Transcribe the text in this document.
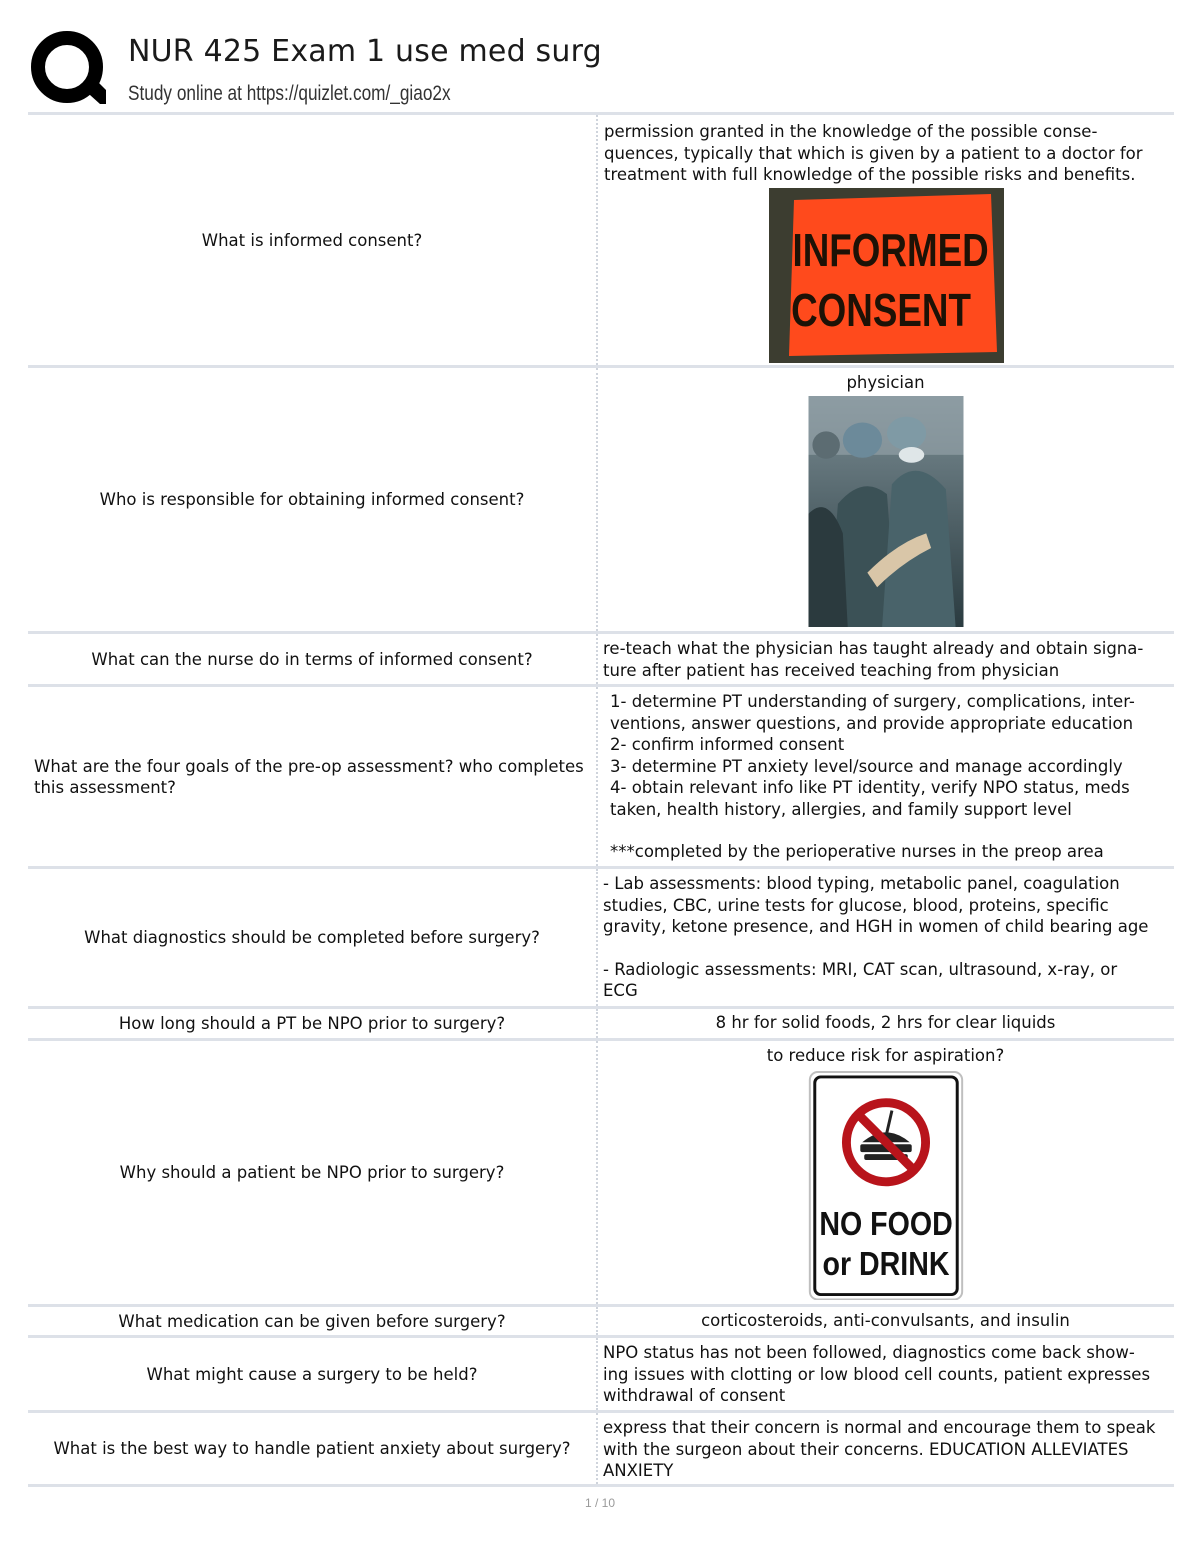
NUR 425 Exam 1 use med surg
Study online at https://quizlet.com/_giao2x
What is informed consent?
permission granted in the knowledge of the possible conse-
quences, typically that which is given by a patient to a doctor for
treatment with full knowledge of the possible risks and benefits.
INFORMED
CONSENT
Who is responsible for obtaining informed consent?
physician
What can the nurse do in terms of informed consent?
re-teach what the physician has taught already and obtain signa-
ture after patient has received teaching from physician
What are the four goals of the pre-op assessment? who completes
this assessment?
1- determine PT understanding of surgery, complications, inter-
ventions, answer questions, and provide appropriate education
2- confirm informed consent
3- determine PT anxiety level/source and manage accordingly
4- obtain relevant info like PT identity, verify NPO status, meds
taken, health history, allergies, and family support level
***completed by the perioperative nurses in the preop area
What diagnostics should be completed before surgery?
- Lab assessments: blood typing, metabolic panel, coagulation
studies, CBC, urine tests for glucose, blood, proteins, specific
gravity, ketone presence, and HGH in women of child bearing age
- Radiologic assessments: MRI, CAT scan, ultrasound, x-ray, or
ECG
How long should a PT be NPO prior to surgery?	8 hr for solid foods, 2 hrs for clear liquids
Why should a patient be NPO prior to surgery?
to reduce risk for aspiration?
NO FOOD
or DRINK
What medication can be given before surgery?	corticosteroids, anti-convulsants, and insulin
What might cause a surgery to be held?
NPO status has not been followed, diagnostics come back show-
ing issues with clotting or low blood cell counts, patient expresses
withdrawal of consent
What is the best way to handle patient anxiety about surgery?
express that their concern is normal and encourage them to speak
with the surgeon about their concerns. EDUCATION ALLEVIATES
ANXIETY
1 / 10
